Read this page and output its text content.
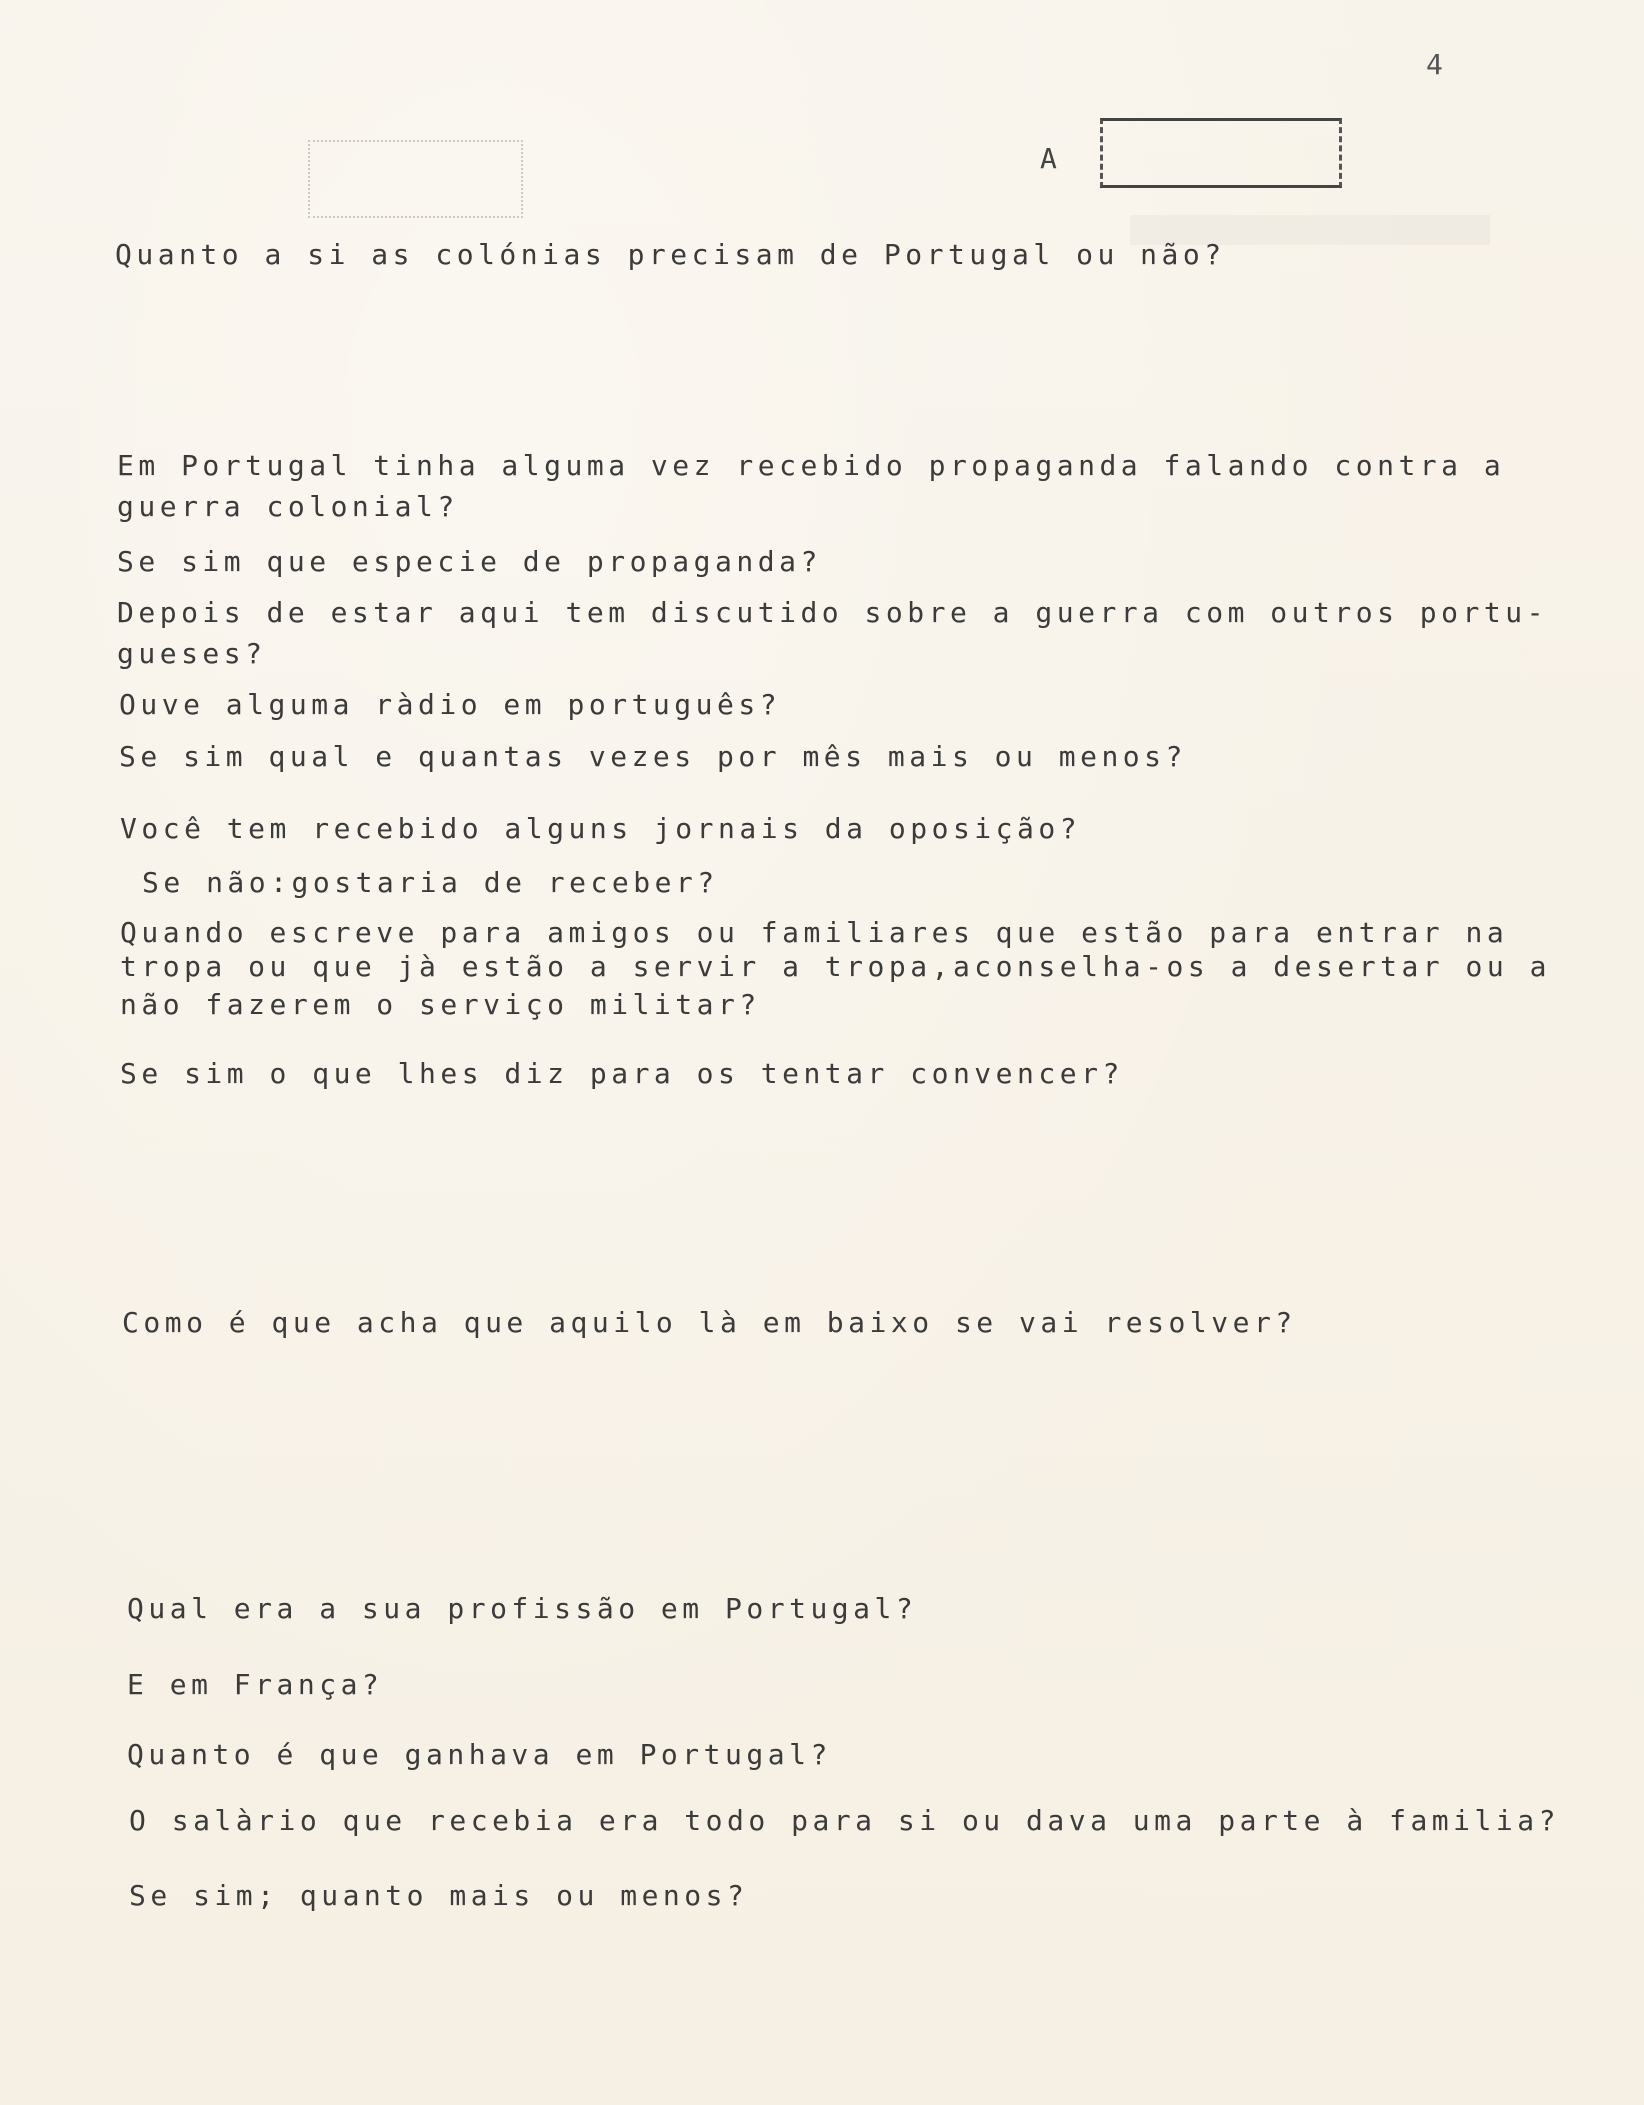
4
A
Quanto a si as colónias precisam de Portugal ou não?
Em Portugal tinha alguma vez recebido propaganda falando contra a
guerra colonial?
Se sim que especie de propaganda?
Depois de estar aqui tem discutido sobre a guerra com outros portu-
gueses?
Ouve alguma ràdio em português?
Se sim qual e quantas vezes por mês mais ou menos?
Você tem recebido alguns jornais da oposição?
Se não:gostaria de receber?
Quando escreve para amigos ou familiares que estão para entrar na
tropa ou que jà estão a servir a tropa,aconselha-os a desertar ou a
não fazerem o serviço militar?
Se sim o que lhes diz para os tentar convencer?
Como é que acha que aquilo là em baixo se vai resolver?
Qual era a sua profissão em Portugal?
E em França?
Quanto é que ganhava em Portugal?
O salàrio que recebia era todo para si ou dava uma parte à familia?
Se sim; quanto mais ou menos?
